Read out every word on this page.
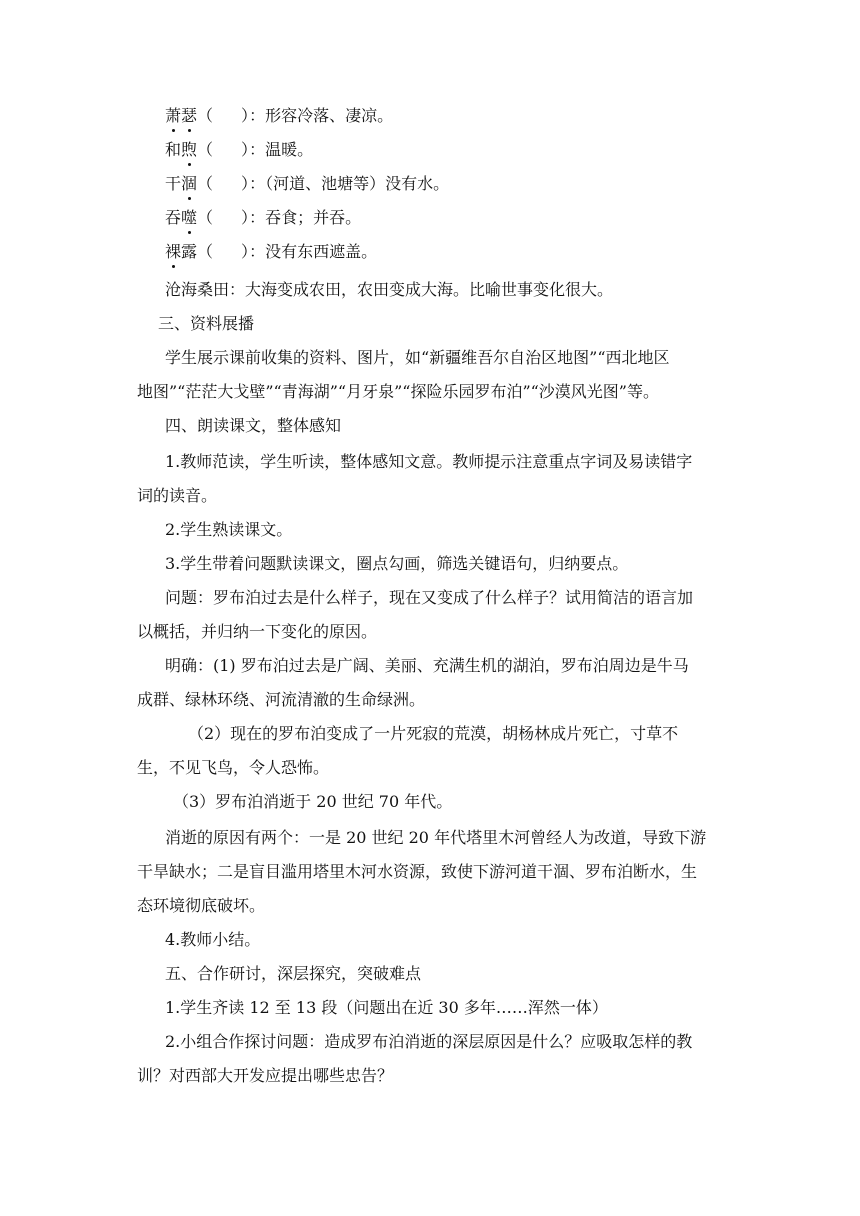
萧瑟（ ）：形容冷落、凄凉。
和煦（ ）：温暖。
干涸（ ）：（河道、池塘等）没有水。
吞噬（ ）：吞食；并吞。
裸露（ ）：没有东西遮盖。
沧海桑田：大海变成农田，农田变成大海。比喻世事变化很大。
三、资料展播
学生展示课前收集的资料、图片，如“新疆维吾尔自治区地图”“西北地区
地图”“茫茫大戈壁”“青海湖”“月牙泉”“探险乐园罗布泊”“沙漠风光图”等。
四、朗读课文，整体感知
1.教师范读，学生听读，整体感知文意。教师提示注意重点字词及易读错字
词的读音。
2.学生熟读课文。
3.学生带着问题默读课文，圈点勾画，筛选关键语句，归纳要点。
问题：罗布泊过去是什么样子，现在又变成了什么样子？试用简洁的语言加
以概括，并归纳一下变化的原因。
明确：(1) 罗布泊过去是广阔、美丽、充满生机的湖泊，罗布泊周边是牛马
成群、绿林环绕、河流清澈的生命绿洲。
（2）现在的罗布泊变成了一片死寂的荒漠，胡杨林成片死亡，寸草不
生，不见飞鸟，令人恐怖。
（3）罗布泊消逝于 20 世纪 70 年代。
消逝的原因有两个：一是 20 世纪 20 年代塔里木河曾经人为改道，导致下游
干旱缺水；二是盲目滥用塔里木河水资源，致使下游河道干涸、罗布泊断水，生
态环境彻底破坏。
4.教师小结。
五、合作研讨，深层探究，突破难点
1.学生齐读 12 至 13 段（问题出在近 30 多年……浑然一体）
2.小组合作探讨问题：造成罗布泊消逝的深层原因是什么？应吸取怎样的教
训？对西部大开发应提出哪些忠告？
